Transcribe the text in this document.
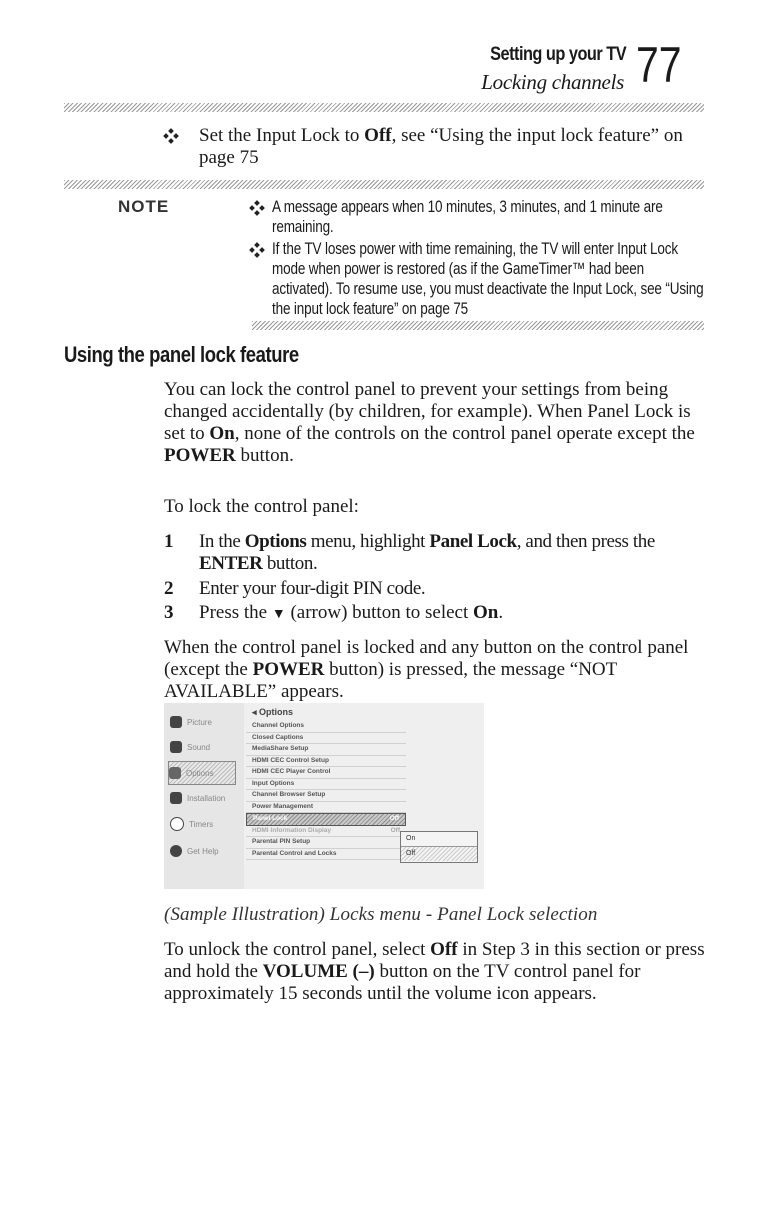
Setting up your TV
Locking channels 77
Set the Input Lock to Off, see “Using the input lock feature” on page 75
NOTE	A message appears when 10 minutes, 3 minutes, and 1 minute are remaining.
If the TV loses power with time remaining, the TV will enter Input Lock mode when power is restored (as if the GameTimer™ had been activated). To resume use, you must deactivate the Input Lock, see “Using the input lock feature” on page 75
Using the panel lock feature
You can lock the control panel to prevent your settings from being changed accidentally (by children, for example). When Panel Lock is set to On, none of the controls on the control panel operate except the POWER button.
To lock the control panel:
1 In the Options menu, highlight Panel Lock, and then press the ENTER button.
2 Enter your four-digit PIN code.
3 Press the ▼ (arrow) button to select On.
When the control panel is locked and any button on the control panel (except the POWER button) is pressed, the message “NOT AVAILABLE” appears.
Picture
Sound
Options
Installation
Timers
Get Help
◂ Options
Channel Options
Closed Captions
MediaShare Setup
HDMI CEC Control Setup
HDMI CEC Player Control
Input Options
Channel Browser Setup
Power Management
Panel Lock	Off
HDMI Information Display	Off
Parental PIN Setup
Parental Control and Locks
On
Off
(Sample Illustration) Locks menu - Panel Lock selection
To unlock the control panel, select Off in Step 3 in this section or press and hold the VOLUME (–) button on the TV control panel for approximately 15 seconds until the volume icon appears.
